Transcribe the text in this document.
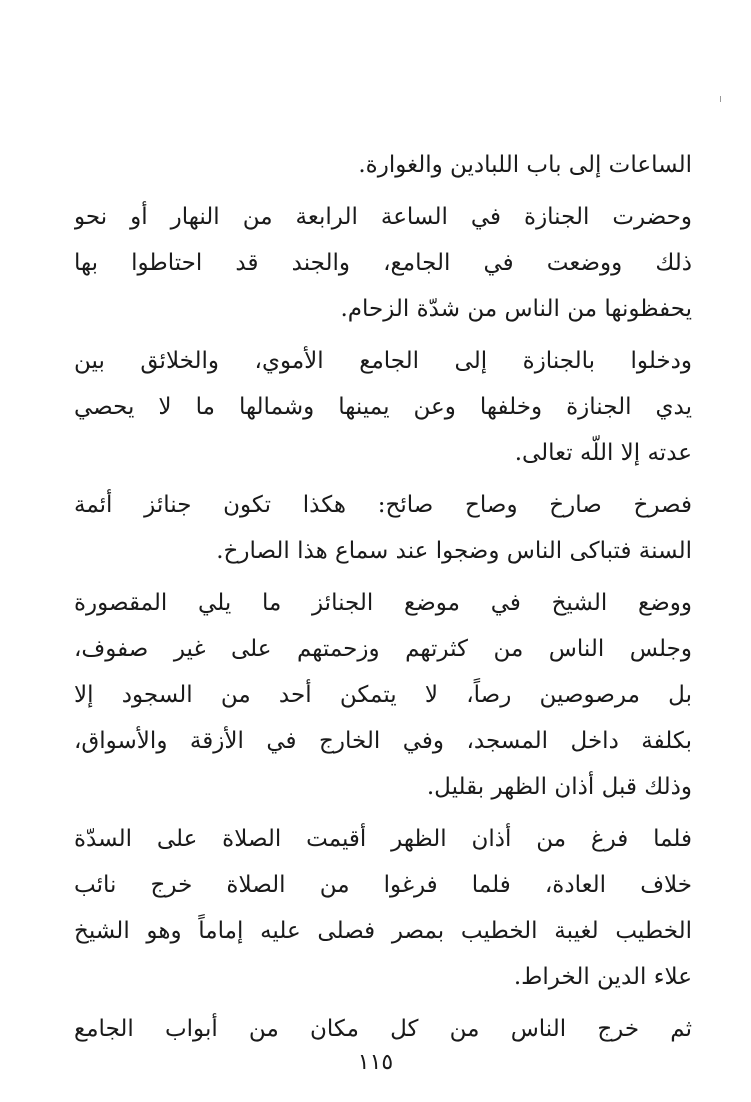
الساعات إلى باب اللبادين والغوارة.
وحضرت الجنازة في الساعة الرابعة من النهار أو نحو
ذلك ووضعت في الجامع، والجند قد احتاطوا بها
يحفظونها من الناس من شدّة الزحام.
ودخلوا بالجنازة إلى الجامع الأموي، والخلائق بين
يدي الجنازة وخلفها وعن يمينها وشمالها ما لا يحصي
عدته إلا اللّه تعالى.
فصرخ صارخ وصاح صائح: هكذا تكون جنائز أئمة
السنة فتباكى الناس وضجوا عند سماع هذا الصارخ.
ووضع الشيخ في موضع الجنائز ما يلي المقصورة
وجلس الناس من كثرتهم وزحمتهم على غير صفوف،
بل مرصوصين رصاً، لا يتمكن أحد من السجود إلا
بكلفة داخل المسجد، وفي الخارج في الأزقة والأسواق،
وذلك قبل أذان الظهر بقليل.
فلما فرغ من أذان الظهر أقيمت الصلاة على السدّة
خلاف العادة، فلما فرغوا من الصلاة خرج نائب
الخطيب لغيبة الخطيب بمصر فصلى عليه إماماً وهو الشيخ
علاء الدين الخراط.
ثم خرج الناس من كل مكان من أبواب الجامع
١١٥
